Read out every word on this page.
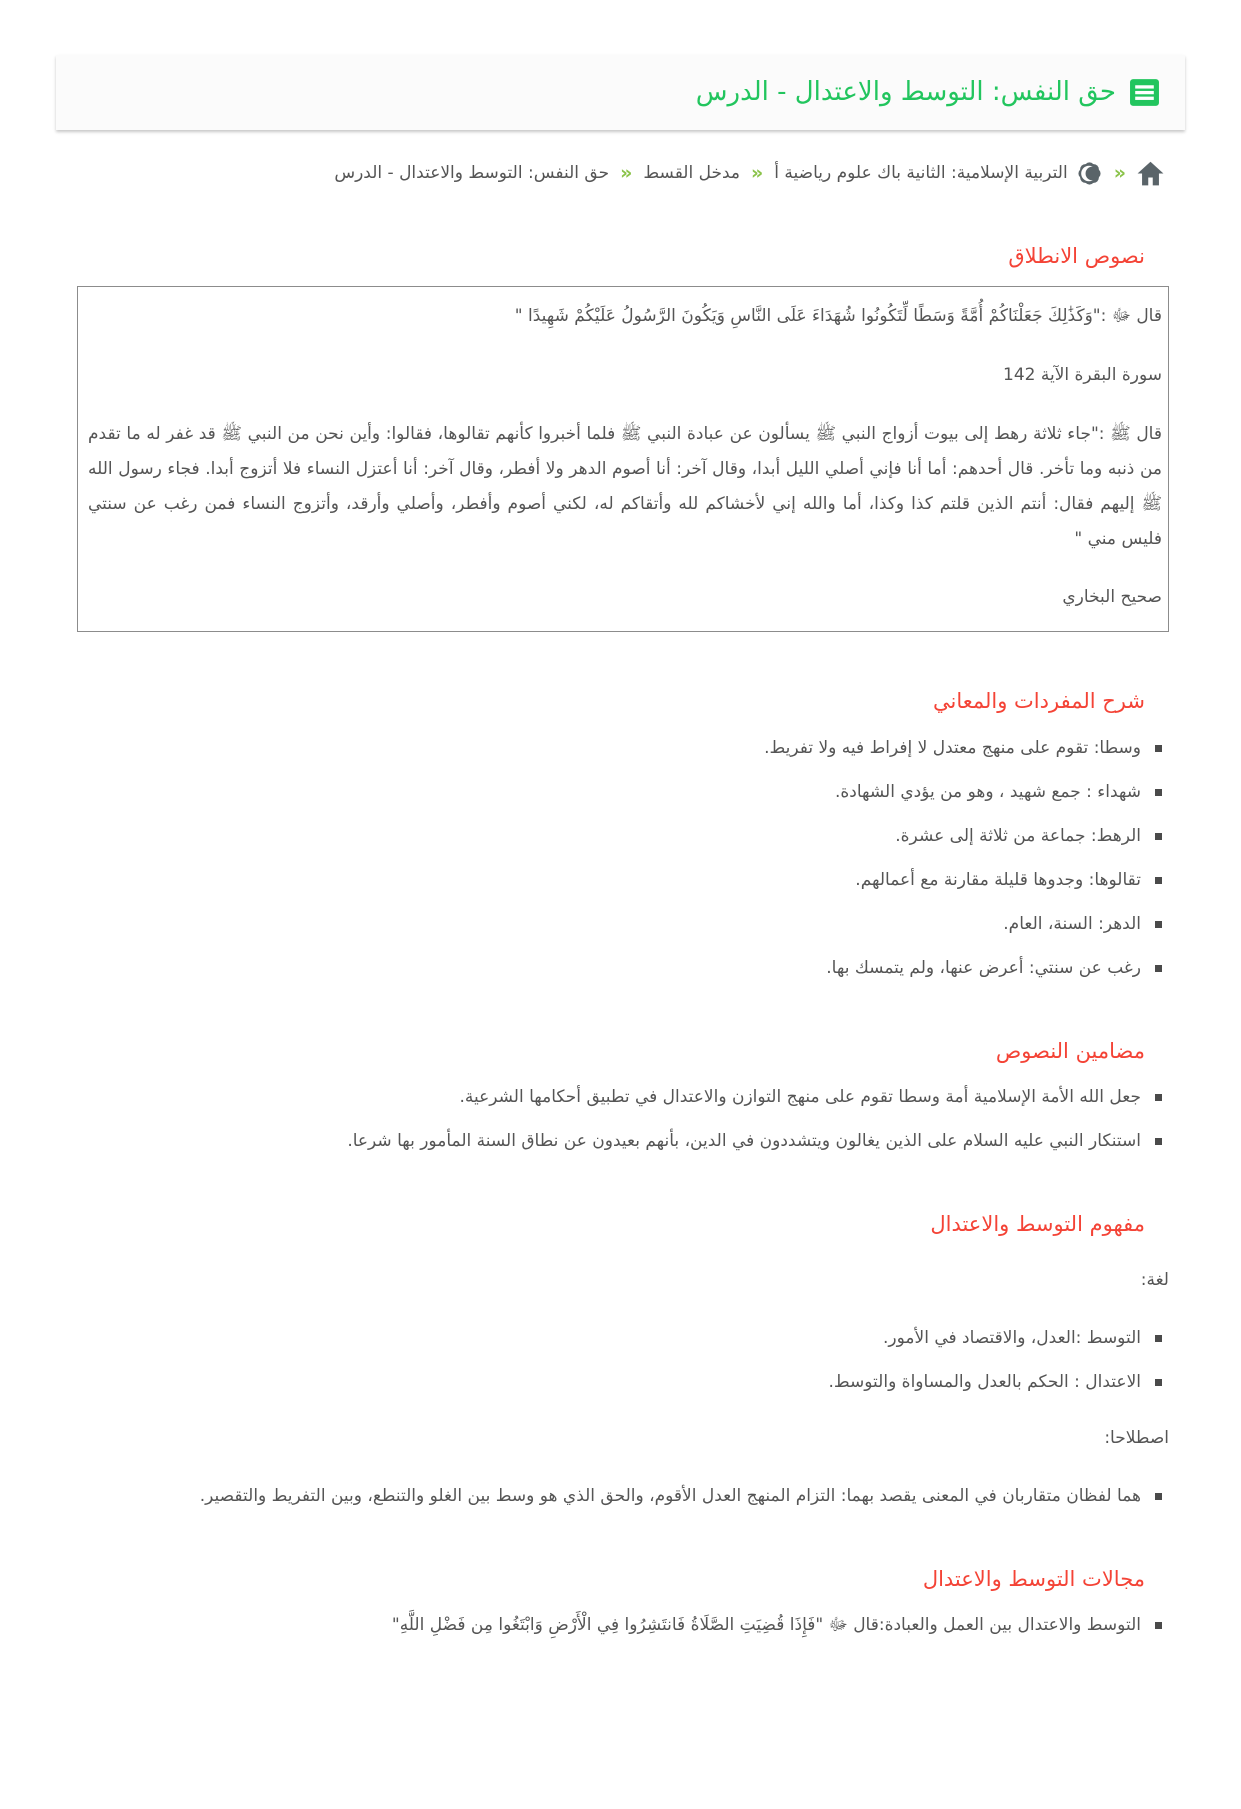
حق النفس: التوسط والاعتدال - الدرس
«
التربية الإسلامية: الثانية باك علوم رياضية أ
«
مدخل القسط
«
حق النفس: التوسط والاعتدال - الدرس
نصوص الانطلاق

قال ﷻ :"وَكَذَٰلِكَ جَعَلْنَاكُمْ أُمَّةً وَسَطًا لِّتَكُونُوا شُهَدَاءَ عَلَى النَّاسِ وَيَكُونَ الرَّسُولُ عَلَيْكُمْ شَهِيدًا "

سورة البقرة الآية 142

قال ﷺ :"جاء ثلاثة رهط إلى بيوت أزواج النبي ﷺ يسألون عن عبادة النبي ﷺ فلما أخبروا كأنهم تقالوها، فقالوا: وأين نحن من النبي ﷺ قد غفر له ما تقدم من ذنبه وما تأخر. قال أحدهم: أما أنا فإني أصلي الليل أبدا، وقال آخر: أنا أصوم الدهر ولا أفطر، وقال آخر: أنا أعتزل النساء فلا أتزوج أبدا. فجاء رسول الله ﷺ إليهم فقال: أنتم الذين قلتم كذا وكذا، أما والله إني لأخشاكم لله وأتقاكم له، لكني أصوم وأفطر، وأصلي وأرقد، وأتزوج النساء فمن رغب عن سنتي فليس مني "

صحيح البخاري

شرح المفردات والمعاني
وسطا: تقوم على منهج معتدل لا إفراط فيه ولا تفريط.
شهداء : جمع شهيد ، وهو من يؤدي الشهادة.
الرهط: جماعة من ثلاثة إلى عشرة.
تقالوها: وجدوها قليلة مقارنة مع أعمالهم.
الدهر: السنة، العام.
رغب عن سنتي: أعرض عنها، ولم يتمسك بها.
مضامين النصوص
جعل الله الأمة الإسلامية أمة وسطا تقوم على منهج التوازن والاعتدال في تطبيق أحكامها الشرعية.
استنكار النبي عليه السلام على الذين يغالون ويتشددون في الدين، بأنهم بعيدون عن نطاق السنة المأمور بها شرعا.
مفهوم التوسط والاعتدال

لغة:

التوسط :العدل، والاقتصاد في الأمور.
الاعتدال : الحكم بالعدل والمساواة والتوسط.

اصطلاحا:

هما لفظان متقاربان في المعنى يقصد بهما: التزام المنهج العدل الأقوم، والحق الذي هو وسط بين الغلو والتنطع، وبين التفريط والتقصير.
مجالات التوسط والاعتدال
التوسط والاعتدال بين العمل والعبادة:قال ﷻ "فَإِذَا قُضِيَتِ الصَّلَاةُ فَانتَشِرُوا فِي الْأَرْضِ وَابْتَغُوا مِن فَضْلِ اللَّهِ"
